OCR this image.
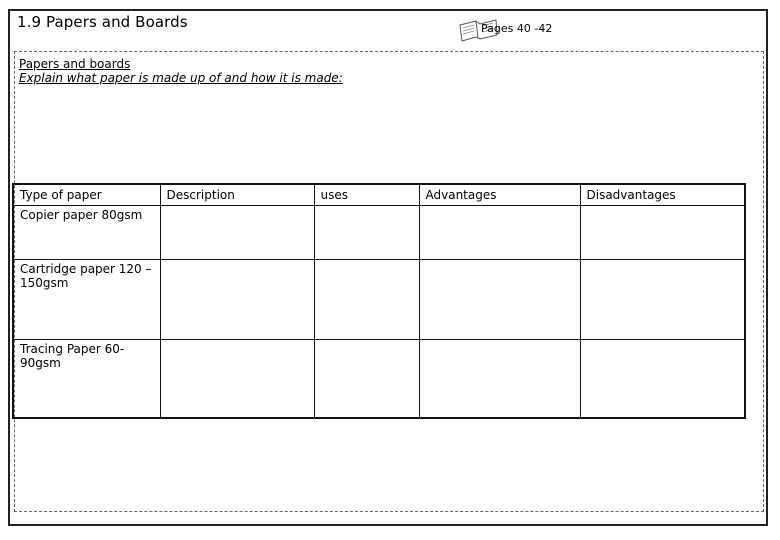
1.9 Papers and Boards	Pages 40 -42
Papers and boards
Explain what paper is made up of and how it is made:
Type of paper	Description	uses	Advantages	Disadvantages
Copier paper 80gsm				
Cartridge paper 120 – 150gsm				
Tracing Paper 60-90gsm				
